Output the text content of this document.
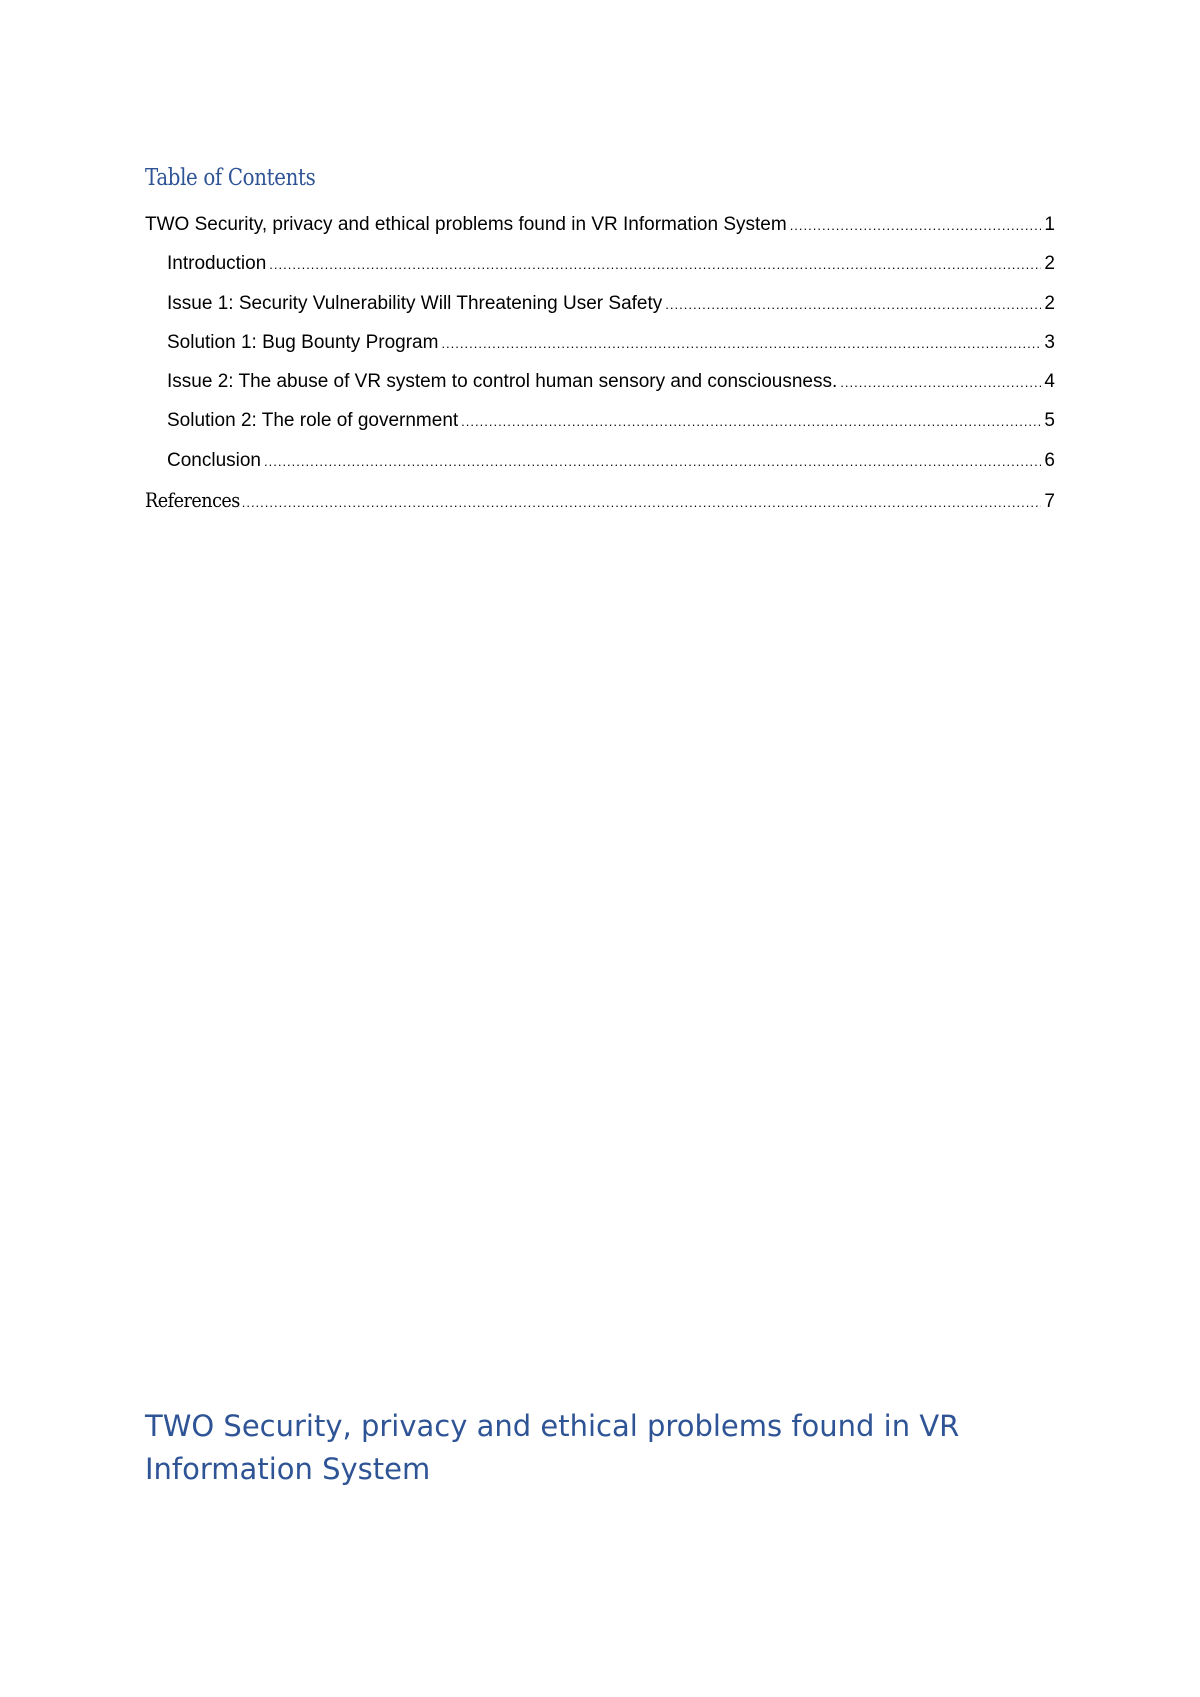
Table of Contents
TWO Security, privacy and ethical problems found in VR Information System .....	1
Introduction .....	2
Issue 1: Security Vulnerability Will Threatening User Safety .....	2
Solution 1: Bug Bounty Program .....	3
Issue 2: The abuse of VR system to control human sensory and consciousness. .....	4
Solution 2: The role of government .....	5
Conclusion .....	6
References .....	7
TWO Security, privacy and ethical problems found in VR Information System
